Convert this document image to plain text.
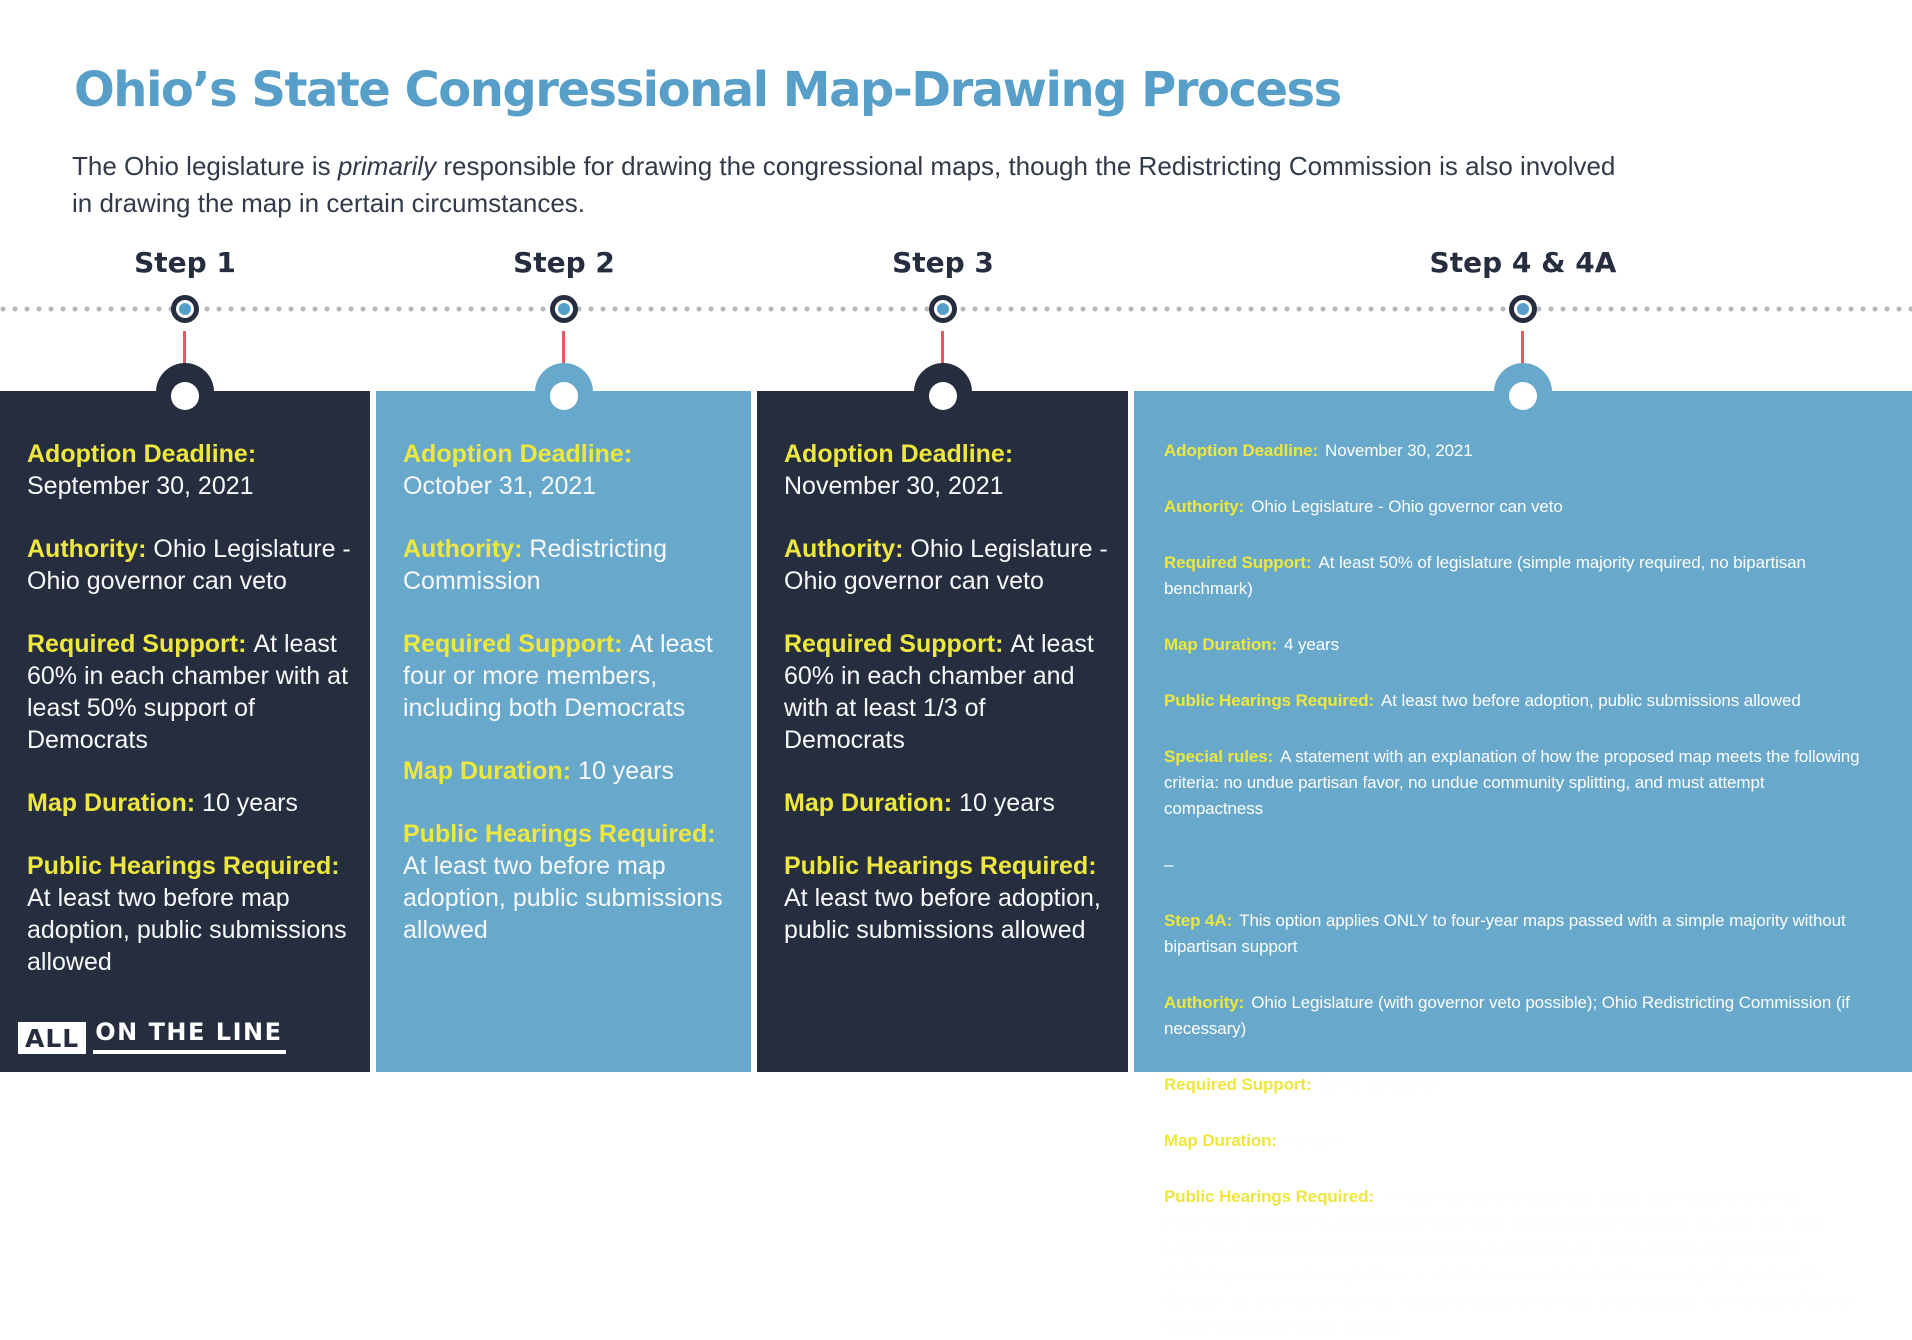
Ohio’s State Congressional Map-Drawing Process
The Ohio legislature is primarily responsible for drawing the congressional maps, though the Redistricting Commission is also involved
in drawing the map in certain circumstances.
Step 1	Step 2	Step 3	Step 4 & 4A

Adoption Deadline:
September 30, 2021

Authority: Ohio Legislature - Ohio governor can veto

Required Support: At least 60% in each chamber with at least 50% support of Democrats

Map Duration: 10 years

Public Hearings Required:
At least two before map adoption, public submissions allowed

ALL ON THE LINE

Adoption Deadline:
October 31, 2021

Authority: Redistricting Commission

Required Support: At least four or more members, including both Democrats

Map Duration: 10 years

Public Hearings Required:
At least two before map adoption, public submissions allowed

Adoption Deadline:
November 30, 2021

Authority: Ohio Legislature - Ohio governor can veto

Required Support: At least 60% in each chamber and with at least 1/3 of Democrats

Map Duration: 10 years

Public Hearings Required:
At least two before adoption, public submissions allowed

Adoption Deadline: November 30, 2021

Authority: Ohio Legislature - Ohio governor can veto

Required Support: At least 50% of legislature (simple majority required, no bipartisan benchmark)

Map Duration: 4 years

Public Hearings Required: At least two before adoption, public submissions allowed

Special rules: A statement with an explanation of how the proposed map meets the following criteria: no undue partisan favor, no undue community splitting, and must attempt compactness

–

Step 4A: This option applies ONLY to four-year maps passed with a simple majority without bipartisan support

Authority: Ohio Legislature (with governor veto possible); Ohio Redistricting Commission (if necessary)

Required Support: Same as above

Map Duration: 6 years

Public Hearings Required: At least two before adoption, public submissions allowed.
If the Ohio Legislature adopts a four-year map (as detailed in Option 4), in 2025, the Ohio Legislature (and Redistricting Commission as needed) will reconvene to engage in the districting process through Steps 1 - 4. All the same date deadlines apply (September 30, October 31, and November 30, respectively) and the map, once passed, will remain effective for the remainder of the decade.
